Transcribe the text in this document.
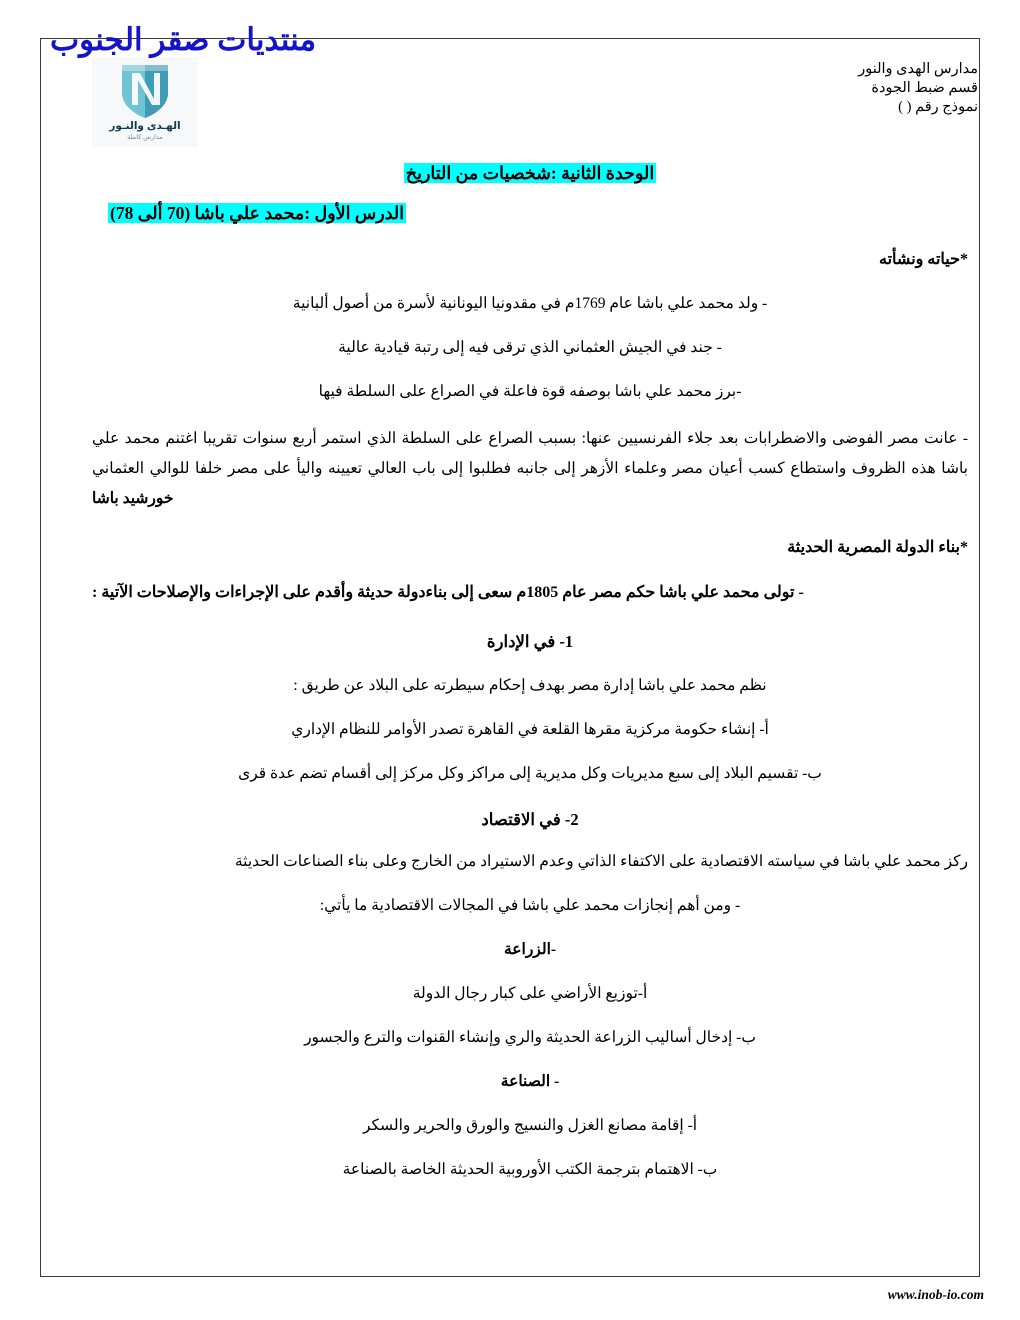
منتديات صقر الجنوب
الهـدى والنـور
مدارس كاملة
مدارس الهدى والنور
قسم ضبط الجودة
نموذج رقم ( )
الوحدة الثانية :شخصيات من التاريخ
الدرس الأول :محمد علي باشا (70 ألى 78)
*حياته ونشأته

- ولد محمد علي باشا عام 1769م في مقدونيا اليونانية لأسرة من أصول ألبانية

- جند في الجيش العثماني الذي ترقى فيه إلى رتبة قيادية عالية

-برز محمد علي باشا بوصفه قوة فاعلة في الصراع على السلطة فيها

- عانت مصر الفوضى والاضطرابات بعد جلاء الفرنسيين عنها: بسبب الصراع على السلطة الذي استمر أربع سنوات تقريبا اغتنم محمد علي باشا هذه الظروف واستطاع كسب أعيان مصر وعلماء الأزهر إلى جانبه فطلبوا إلى باب العالي تعيينه واليأ على مصر خلفا للوالي العثماني خورشيد باشا

*بناء الدولة المصرية الحديثة

- تولى محمد علي باشا حكم مصر عام 1805م سعى إلى بناءدولة حديثة وأقدم على الإجراءات والإصلاحات الآتية :

1- في الإدارة

نظم محمد علي باشا إدارة مصر بهدف إحكام سيطرته على البلاد عن طريق :

أ- إنشاء حكومة مركزية مقرها القلعة في القاهرة تصدر الأوامر للنظام الإداري

ب- تقسيم البلاد إلى سبع مديريات وكل مديرية إلى مراكز وكل مركز إلى أقسام تضم عدة قرى

2- في الاقتصاد

ركز محمد علي باشا في سياسته الاقتصادية على الاكتفاء الذاتي وعدم الاستيراد من الخارج وعلى بناء الصناعات الحديثة

- ومن أهم إنجازات محمد علي باشا في المجالات الاقتصادية ما يأتي:

-الزراعة

أ-توزيع الأراضي على كبار رجال الدولة

ب- إدخال أساليب الزراعة الحديثة والري وإنشاء القنوات والترع والجسور

- الصناعة

أ- إقامة مصانع الغزل والنسيج والورق والحرير والسكر

ب- الاهتمام بترجمة الكتب الأوروبية الحديثة الخاصة بالصناعة

www.inob-io.com
